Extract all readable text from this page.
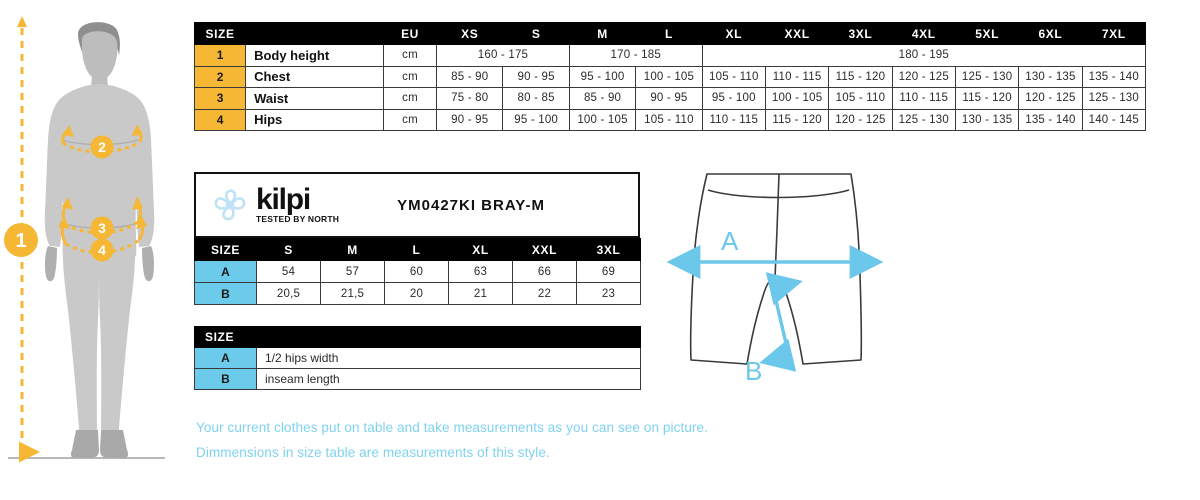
1
2
3
4
SIZE		EU	XS	S	M	L	XL	XXL	3XL	4XL	5XL	6XL	7XL
1	Body height	cm	160 - 175		170 - 185		180 - 195						
2	Chest	cm	85 - 90	90 - 95	95 - 100	100 - 105	105 - 110	110 - 115	115 - 120	120 - 125	125 - 130	130 - 135	135 - 140
3	Waist	cm	75 - 80	80 - 85	85 - 90	90 - 95	95 - 100	100 - 105	105 - 110	110 - 115	115 - 120	120 - 125	125 - 130
4	Hips	cm	90 - 95	95 - 100	100 - 105	105 - 110	110 - 115	115 - 120	120 - 125	125 - 130	130 - 135	135 - 140	140 - 145
kilpi
TESTED BY NORTH
YM0427KI BRAY-M
SIZE	S	M	L	XL	XXL	3XL
A	54	57	60	63	66	69
B	20,5	21,5	20	21	22	23
SIZE	
A	1/2 hips width
B	inseam length
Your current clothes put on table and take measurements as you can see on picture.
Dimmensions in size table are measurements of this style.
A
B
